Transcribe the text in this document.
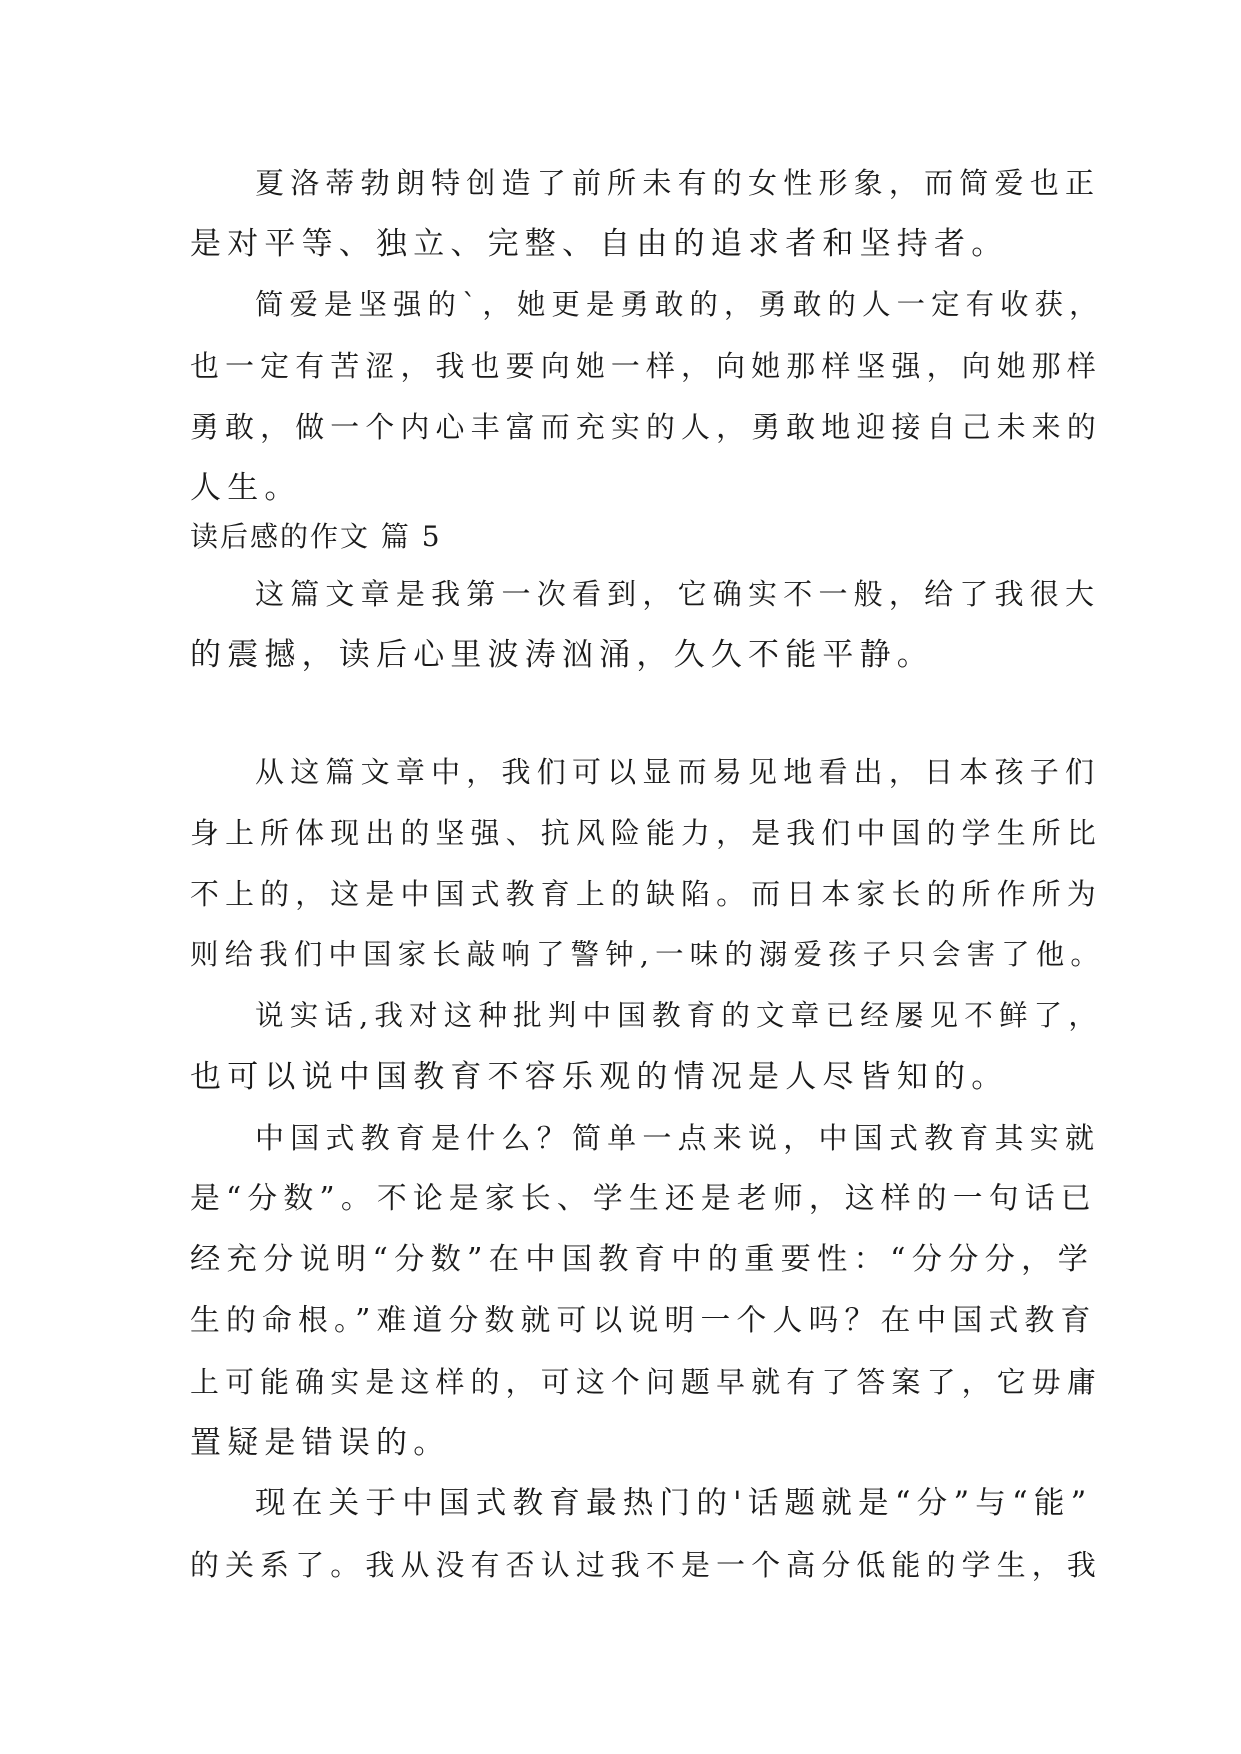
夏洛蒂勃朗特创造了前所未有的女性形象，而简爱也正
是对平等、独立、完整、自由的追求者和坚持者。
简爱是坚强的`，她更是勇敢的，勇敢的人一定有收获，
也一定有苦涩，我也要向她一样，向她那样坚强，向她那样
勇敢，做一个内心丰富而充实的人，勇敢地迎接自己未来的
人生。
读后感的作文 篇 5
这篇文章是我第一次看到，它确实不一般，给了我很大
的震撼，读后心里波涛汹涌，久久不能平静。
从这篇文章中，我们可以显而易见地看出，日本孩子们
身上所体现出的坚强、抗风险能力，是我们中国的学生所比
不上的，这是中国式教育上的缺陷。而日本家长的所作所为
则给我们中国家长敲响了警钟,一味的溺爱孩子只会害了他。
说实话,我对这种批判中国教育的文章已经屡见不鲜了，
也可以说中国教育不容乐观的情况是人尽皆知的。
中国式教育是什么？简单一点来说，中国式教育其实就
是“分数”。不论是家长、学生还是老师，这样的一句话已
经充分说明“分数”在中国教育中的重要性：“分分分，学
生的命根。”难道分数就可以说明一个人吗？在中国式教育
上可能确实是这样的，可这个问题早就有了答案了，它毋庸
置疑是错误的。
现在关于中国式教育最热门的'话题就是“分”与“能”
的关系了。我从没有否认过我不是一个高分低能的学生，我
